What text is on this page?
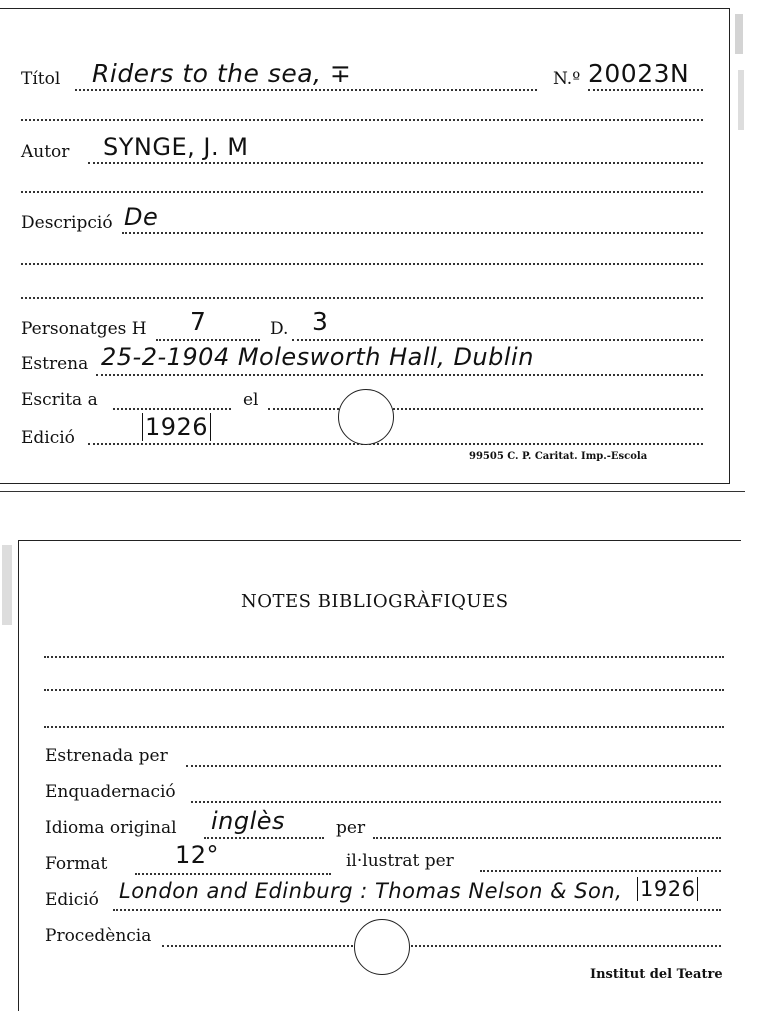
Títol Riders to the sea, ∓	N.º 20023N
Autor SYNGE, J. M
Descripció De
Personatges H 7	D. 3
Estrena 25-2-1904 Molesworth Hall, Dublin
Escrita a	el
Edició	1926
99505 C. P. Caritat. Imp.-Escola
NOTES BIBLIOGRÀFIQUES
Estrenada per
Enquadernació
Idioma original inglès	per
Format	12°	il·lustrat per
Edició London and Edinburg : Thomas Nelson & Son, 1926
Procedència
Institut del Teatre
